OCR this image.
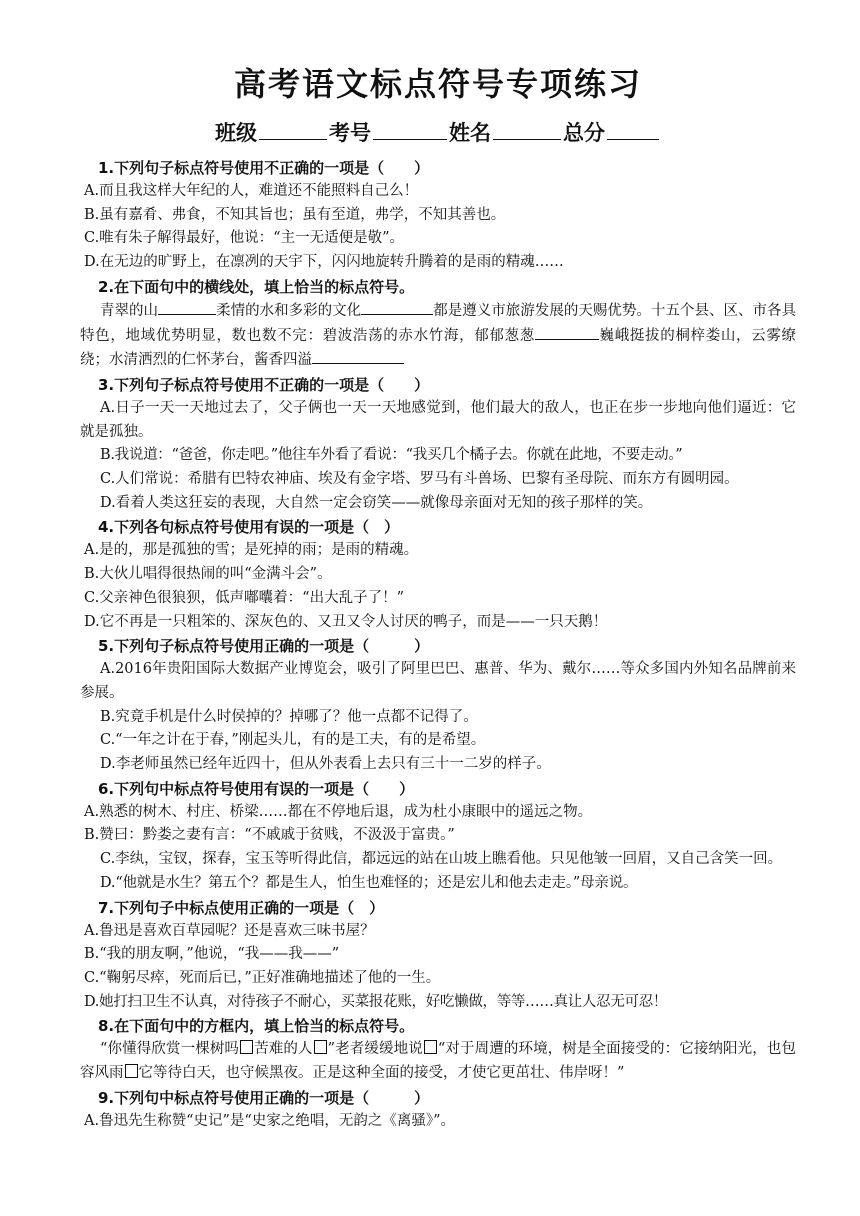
高考语文标点符号专项练习
班级	考号	姓名	总分
1.下列句子标点符号使用不正确的一项是（　　）
A.而且我这样大年纪的人，难道还不能照料自己么！
B.虽有嘉肴、弗食，不知其旨也；虽有至道，弗学，不知其善也。
C.唯有朱子解得最好，他说：“主一无适便是敬”。
D.在无边的旷野上，在凛冽的天宇下，闪闪地旋转升腾着的是雨的精魂……
2.在下面句中的横线处，填上恰当的标点符号。
青翠的山	柔情的水和多彩的文化	都是遵义市旅游发展的天赐优势。十五个县、区、市各具特色，地域优势明显，数也数不完：碧波浩荡的赤水竹海，郁郁葱葱	巍峨挺拔的桐梓娄山，云雾缭绕；水清洒烈的仁怀茅台，酱香四溢
3.下列句子标点符号使用不正确的一项是（　　）
A.日子一天一天地过去了，父子俩也一天一天地感觉到，他们最大的敌人，也正在步一步地向他们逼近：它就是孤独。
B.我说道：“爸爸，你走吧。”他往车外看了看说：“我买几个橘子去。你就在此地，不要走动。”
C.人们常说：希腊有巴特农神庙、埃及有金字塔、罗马有斗兽场、巴黎有圣母院、而东方有圆明园。
D.看着人类这狂妄的表现，大自然一定会窃笑——就像母亲面对无知的孩子那样的笑。
4.下列各句标点符号使用有误的一项是（　）
A.是的，那是孤独的雪；是死掉的雨；是雨的精魂。
B.大伙儿唱得很热闹的叫“金满斗会”。
C.父亲神色很狼狈，低声嘟囔着：“出大乱子了！”
D.它不再是一只粗笨的、深灰色的、又丑又令人讨厌的鸭子，而是——一只天鹅！
5.下列句子标点符号使用正确的一项是（　　　）
A.2016年贵阳国际大数据产业博览会，吸引了阿里巴巴、惠普、华为、戴尔……等众多国内外知名品牌前来参展。
B.究竟手机是什么时侯掉的？掉哪了？他一点都不记得了。
C.“一年之计在于春，”刚起头儿，有的是工夫，有的是希望。
D.李老师虽然已经年近四十，但从外表看上去只有三十一二岁的样子。
6.下列句中标点符号使用有误的一项是（　　）
A.熟悉的树木、村庄、桥梁……都在不停地后退，成为杜小康眼中的遥远之物。
B.赞曰：黔娄之妻有言：“不戚戚于贫贱，不汲汲于富贵。”
C.李纨，宝钗，探春，宝玉等听得此信，都远远的站在山坡上瞧看他。只见他皱一回眉，又自己含笑一回。
D.“他就是水生？第五个？都是生人，怕生也难怪的；还是宏儿和他去走走。”母亲说。
7.下列句子中标点使用正确的一项是（　）
A.鲁迅是喜欢百草园呢？还是喜欢三味书屋？
B.“我的朋友啊，”他说，“我——我——”
C.“鞠躬尽瘁，死而后已，”正好准确地描述了他的一生。
D.她打扫卫生不认真，对待孩子不耐心，买菜报花账，好吃懒做，等等……真让人忍无可忍！
8.在下面句中的方框内，填上恰当的标点符号。
“你懂得欣赏一棵树吗 苦难的人 ”老者缓缓地说 “对于周遭的环境，树是全面接受的：它接纳阳光，也包容风雨 它等待白天，也守候黑夜。正是这种全面的接受，才使它更茁壮、伟岸呀！”
9.下列句中标点符号使用正确的一项是（　　　）
A.鲁迅先生称赞“史记”是“史家之绝唱，无韵之《离骚》”。
